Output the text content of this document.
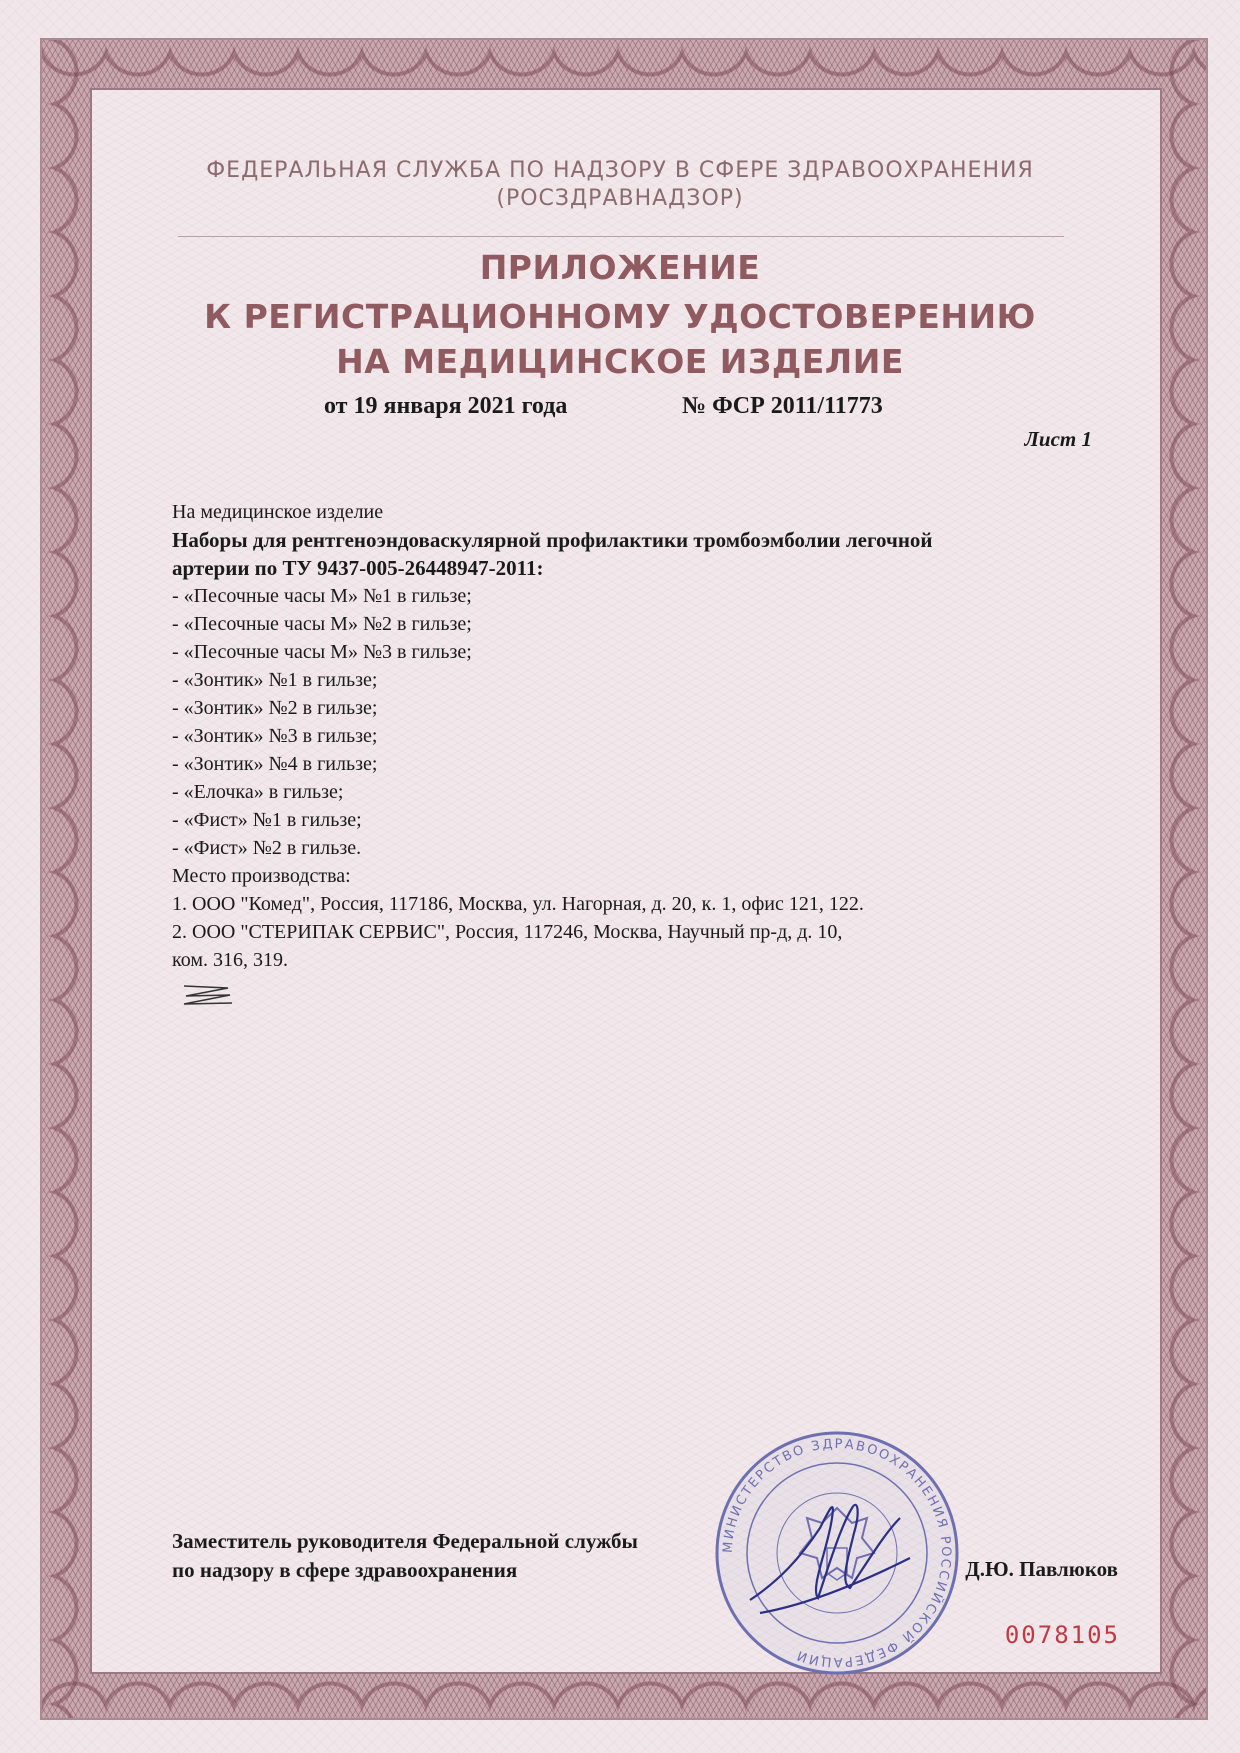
ФЕДЕРАЛЬНАЯ СЛУЖБА ПО НАДЗОРУ В СФЕРЕ ЗДРАВООХРАНЕНИЯ
(РОСЗДРАВНАДЗОР)
ПРИЛОЖЕНИЕ
К РЕГИСТРАЦИОННОМУ УДОСТОВЕРЕНИЮ
НА МЕДИЦИНСКОЕ ИЗДЕЛИЕ
от 19 января 2021 года	№ ФСР 2011/11773
Лист 1
На медицинское изделие
Наборы для рентгеноэндоваскулярной профилактики тромбоэмболии легочной
артерии по ТУ 9437-005-26448947-2011:
- «Песочные часы М» №1 в гильзе;
- «Песочные часы М» №2 в гильзе;
- «Песочные часы М» №3 в гильзе;
- «Зонтик» №1 в гильзе;
- «Зонтик» №2 в гильзе;
- «Зонтик» №3 в гильзе;
- «Зонтик» №4 в гильзе;
- «Елочка» в гильзе;
- «Фист» №1 в гильзе;
- «Фист» №2 в гильзе.
Место производства:
1. ООО "Комед", Россия, 117186, Москва, ул. Нагорная, д. 20, к. 1, офис 121, 122.
2. ООО "СТЕРИПАК СЕРВИС", Россия, 117246, Москва, Научный пр-д, д. 10,
ком. 316, 319.
МИНИСТЕРСТВО ЗДРАВООХРАНЕНИЯ РОССИЙСКОЙ ФЕДЕРАЦИИ
Заместитель руководителя Федеральной службы
по надзору в сфере здравоохранения	Д.Ю. Павлюков
0078105
